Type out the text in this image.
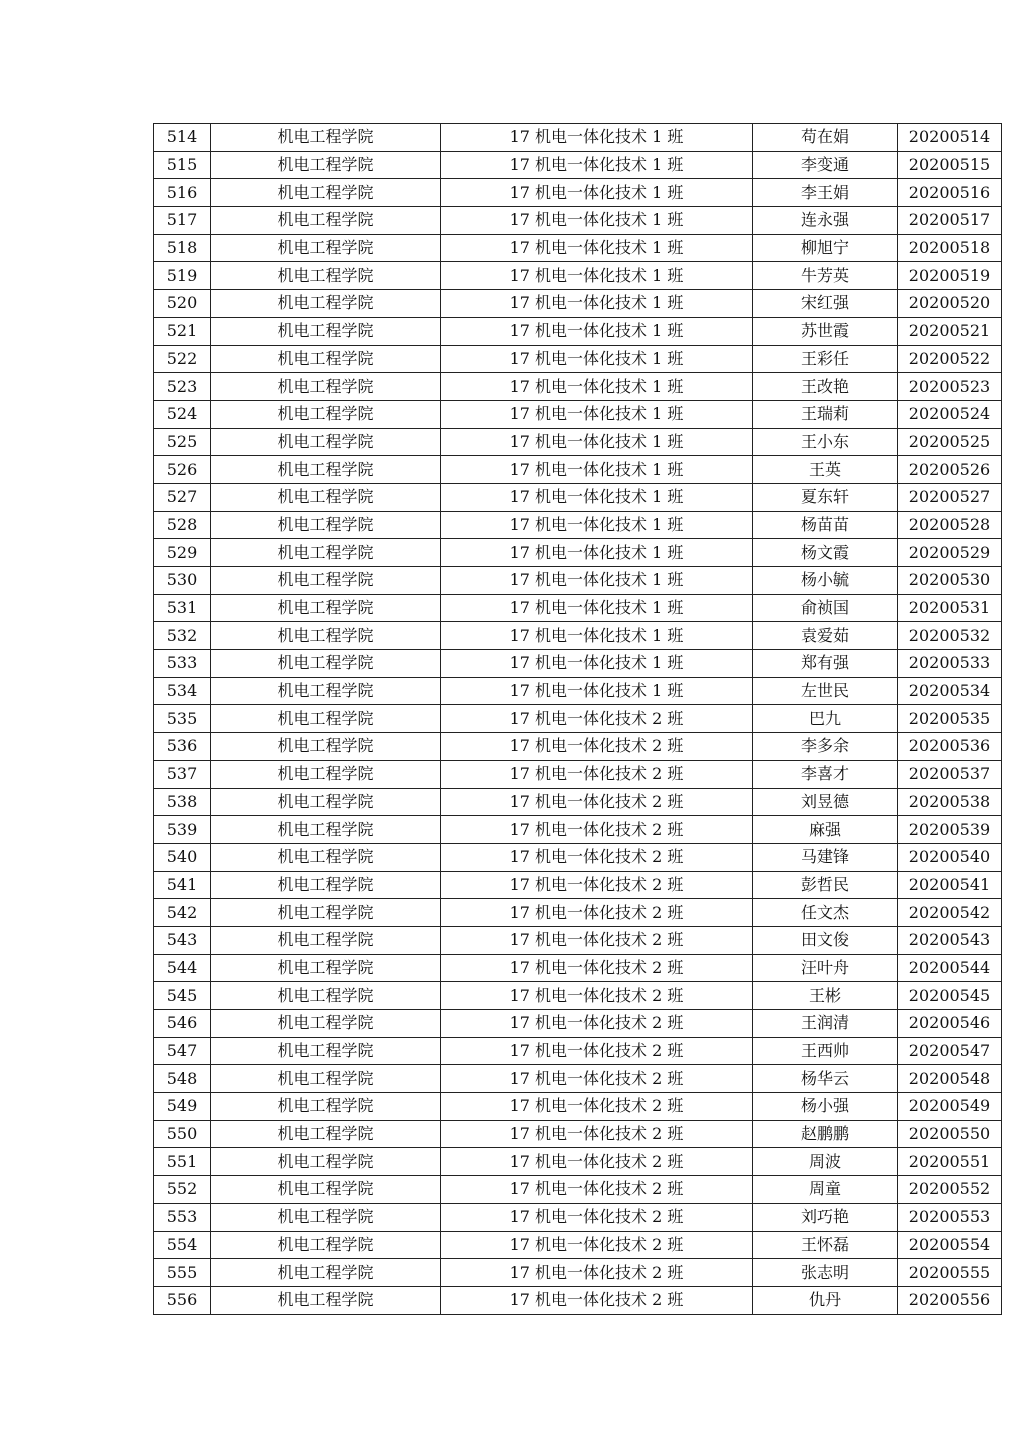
514	机电工程学院	17 机电一体化技术 1 班	苟在娟	20200514
515	机电工程学院	17 机电一体化技术 1 班	李变通	20200515
516	机电工程学院	17 机电一体化技术 1 班	李王娟	20200516
517	机电工程学院	17 机电一体化技术 1 班	连永强	20200517
518	机电工程学院	17 机电一体化技术 1 班	柳旭宁	20200518
519	机电工程学院	17 机电一体化技术 1 班	牛芳英	20200519
520	机电工程学院	17 机电一体化技术 1 班	宋红强	20200520
521	机电工程学院	17 机电一体化技术 1 班	苏世霞	20200521
522	机电工程学院	17 机电一体化技术 1 班	王彩任	20200522
523	机电工程学院	17 机电一体化技术 1 班	王改艳	20200523
524	机电工程学院	17 机电一体化技术 1 班	王瑞莉	20200524
525	机电工程学院	17 机电一体化技术 1 班	王小东	20200525
526	机电工程学院	17 机电一体化技术 1 班	王英	20200526
527	机电工程学院	17 机电一体化技术 1 班	夏东轩	20200527
528	机电工程学院	17 机电一体化技术 1 班	杨苗苗	20200528
529	机电工程学院	17 机电一体化技术 1 班	杨文霞	20200529
530	机电工程学院	17 机电一体化技术 1 班	杨小毓	20200530
531	机电工程学院	17 机电一体化技术 1 班	俞祯国	20200531
532	机电工程学院	17 机电一体化技术 1 班	袁爱茹	20200532
533	机电工程学院	17 机电一体化技术 1 班	郑有强	20200533
534	机电工程学院	17 机电一体化技术 1 班	左世民	20200534
535	机电工程学院	17 机电一体化技术 2 班	巴九	20200535
536	机电工程学院	17 机电一体化技术 2 班	李多余	20200536
537	机电工程学院	17 机电一体化技术 2 班	李喜才	20200537
538	机电工程学院	17 机电一体化技术 2 班	刘昱德	20200538
539	机电工程学院	17 机电一体化技术 2 班	麻强	20200539
540	机电工程学院	17 机电一体化技术 2 班	马建锋	20200540
541	机电工程学院	17 机电一体化技术 2 班	彭哲民	20200541
542	机电工程学院	17 机电一体化技术 2 班	任文杰	20200542
543	机电工程学院	17 机电一体化技术 2 班	田文俊	20200543
544	机电工程学院	17 机电一体化技术 2 班	汪叶舟	20200544
545	机电工程学院	17 机电一体化技术 2 班	王彬	20200545
546	机电工程学院	17 机电一体化技术 2 班	王润清	20200546
547	机电工程学院	17 机电一体化技术 2 班	王西帅	20200547
548	机电工程学院	17 机电一体化技术 2 班	杨华云	20200548
549	机电工程学院	17 机电一体化技术 2 班	杨小强	20200549
550	机电工程学院	17 机电一体化技术 2 班	赵鹏鹏	20200550
551	机电工程学院	17 机电一体化技术 2 班	周波	20200551
552	机电工程学院	17 机电一体化技术 2 班	周童	20200552
553	机电工程学院	17 机电一体化技术 2 班	刘巧艳	20200553
554	机电工程学院	17 机电一体化技术 2 班	王怀磊	20200554
555	机电工程学院	17 机电一体化技术 2 班	张志明	20200555
556	机电工程学院	17 机电一体化技术 2 班	仇丹	20200556
